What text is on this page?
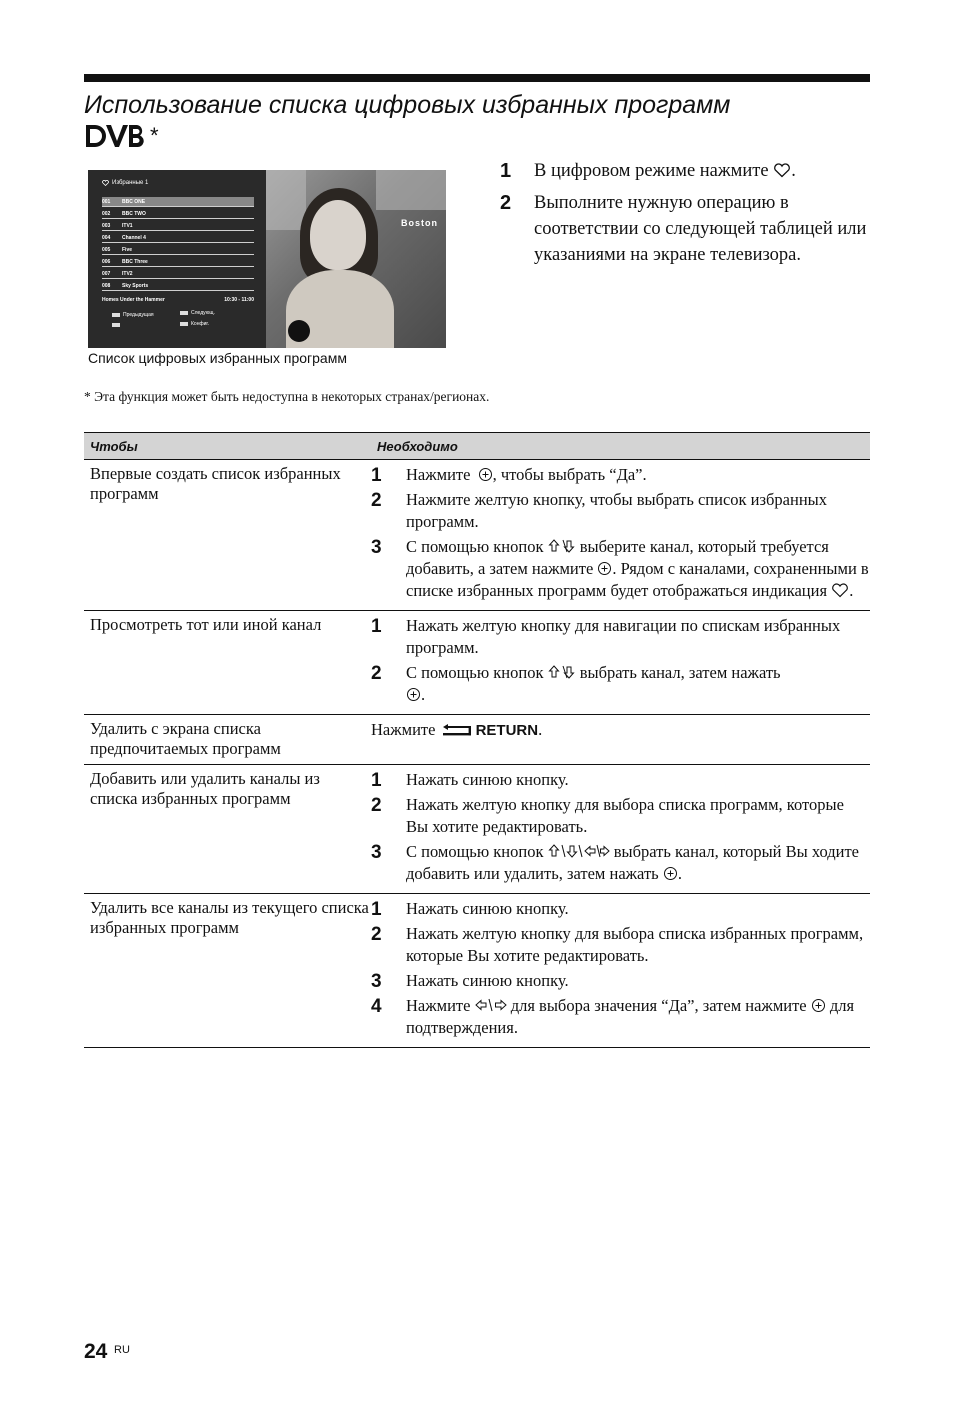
Использование списка цифровых избранных программ
*
Boston
Избранные 1
001	BBC ONE
002	BBC TWO
003	ITV1
004	Channel 4
005	Five
006	BBC Three
007	ITV2
008	Sky Sports
Homes Under the Hammer	10:30 - 11:00
Предыдущая	Следующ.
Конфиг.
Список цифровых избранных программ
1	В цифровом режиме нажмите .
2	Выполните нужную операцию в соответствии со следующей таблицей или указаниями на экране телевизора.
* Эта функция может быть недоступна в некоторых странах/регионах.
Чтобы	Необходимо
Впервые создать список избранных программ
1	Нажмите , чтобы выбрать “Да”.
2	Нажмите желтую кнопку, чтобы выбрать список избранных программ.
3	С помощью кнопок выберите канал, который требуется добавить, а затем нажмите . Рядом с каналами, сохраненными в списке избранных программ будет отображаться индикация .
Просмотреть тот или иной канал	1	Нажать желтую кнопку для навигации по спискам избранных программ.
2	С помощью кнопок выбрать канал, затем нажать
.
Удалить с экрана списка предпочитаемых программ
Нажмите	RETURN.
Добавить или удалить каналы из списка избранных программ
1	Нажать синюю кнопку.
2	Нажать желтую кнопку для выбора списка программ, которые Вы хотите редактировать.
3	С помощью кнопок	выбрать канал, который Вы ходите добавить или удалить, затем нажать .
Удалить все каналы из текущего списка избранных программ
1	Нажать синюю кнопку.
2	Нажать желтую кнопку для выбора списка избранных программ, которые Вы хотите редактировать.
3	Нажать синюю кнопку.
4	Нажмите для выбора значения “Да”, затем нажмите для подтверждения.
24 RU
